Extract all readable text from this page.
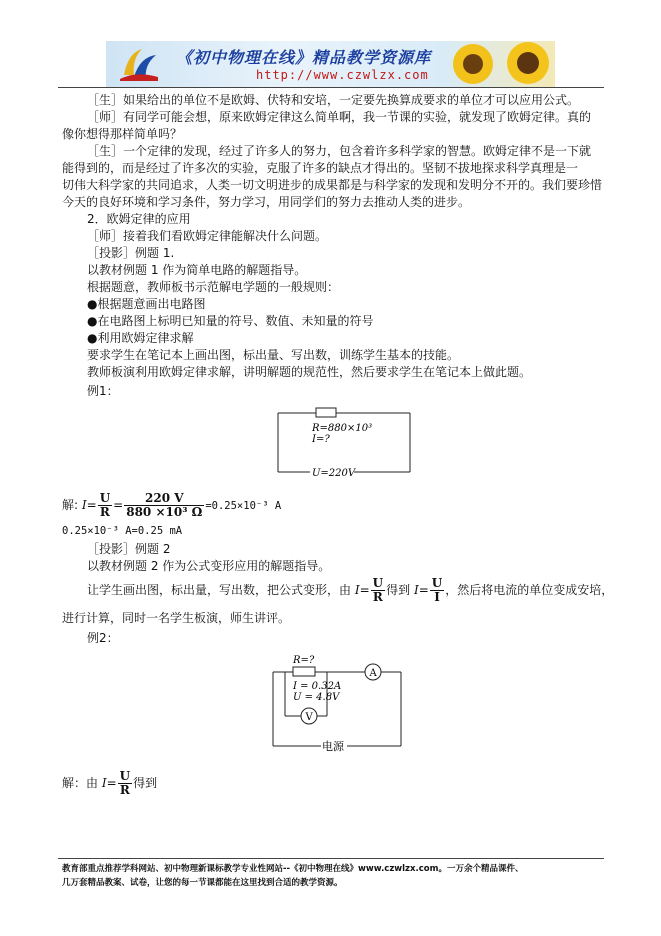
《初中物理在线》精品教学资源库
http://www.czwlzx.com
［生］如果给出的单位不是欧姆、伏特和安培，一定要先换算成要求的单位才可以应用公式。
［师］有同学可能会想，原来欧姆定律这么简单啊，我一节课的实验，就发现了欧姆定律。真的
像你想得那样简单吗？
［生］一个定律的发现，经过了许多人的努力，包含着许多科学家的智慧。欧姆定律不是一下就
能得到的，而是经过了许多次的实验，克服了许多的缺点才得出的。坚韧不拔地探求科学真理是一
切伟大科学家的共同追求，人类一切文明进步的成果都是与科学家的发现和发明分不开的。我们要珍惜
今天的良好环境和学习条件，努力学习，用同学们的努力去推动人类的进步。
2．欧姆定律的应用
［师］接着我们看欧姆定律能解决什么问题。
［投影］例题 1.
以教材例题 1 作为简单电路的解题指导。
根据题意，教师板书示范解电学题的一般规则：
● 根据题意画出电路图
● 在电路图上标明已知量的符号、数值、未知量的符号
● 利用欧姆定律求解
要求学生在笔记本上画出图，标出量、写出数，训练学生基本的技能。
教师板演利用欧姆定律求解，讲明解题的规范性，然后要求学生在笔记本上做此题。
例1：
R=880×10³
I=?
U=220V
解: $I= \frac{U}{R} = \frac{220 V}{\text{880 ×10³ Ω}} =0.25\times 10^{-3}$ A
0.25×10⁻³ A=0.25 mA
［投影］例题 2
以教材例题 2 作为公式变形应用的解题指导。
让学生画出图，标出量，写出数，把公式变形，由 $I= \frac{U}{R}$ 得到 $I= \frac{U}{I}$ ，然后将电流的单位变成安培，
进行计算，同时一名学生板演，师生讲评。
例2：
A
V
R=?
I = 0.32A
U = 4.8V
电源
解：由 $I= \frac{U}{R}$ 得到
教育部重点推荐学科网站、初中物理新课标教学专业性网站--《初中物理在线》www.czwlzx.com。一万余个精品课件、
几万套精品教案、试卷，让您的每一节课都能在这里找到合适的教学资源。
